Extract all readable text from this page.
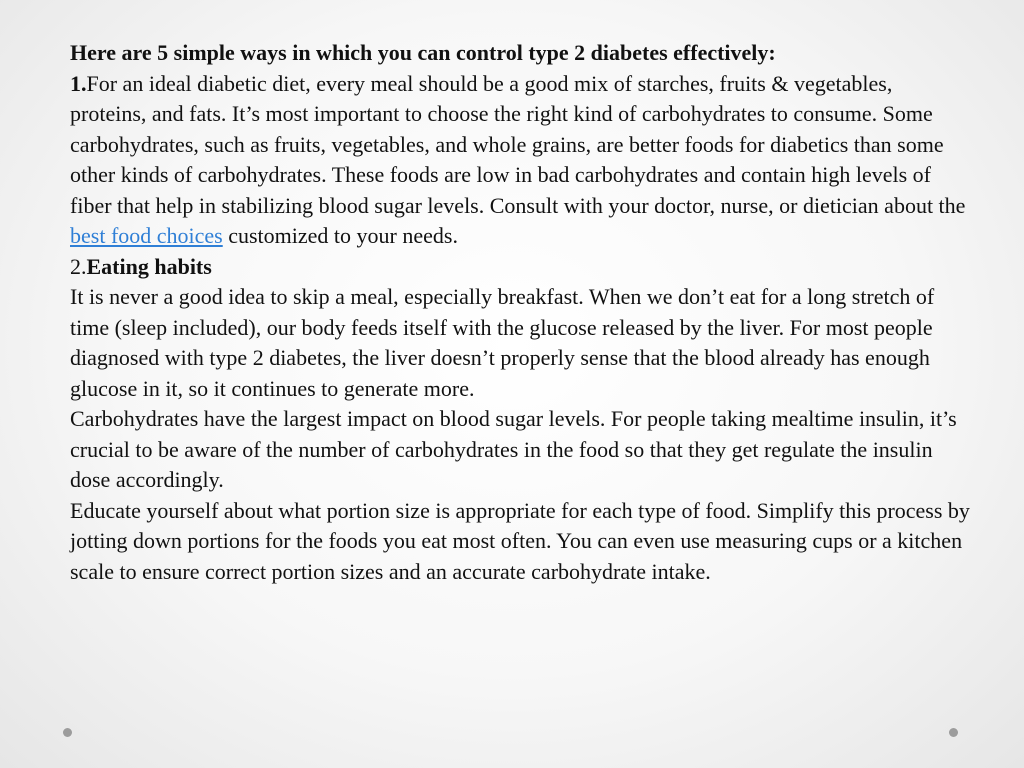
Here are 5 simple ways in which you can control type 2 diabetes effectively:

1.For an ideal diabetic diet, every meal should be a good mix of starches, fruits & vegetables, proteins, and fats. It’s most important to choose the right kind of carbohydrates to consume. Some carbohydrates, such as fruits, vegetables, and whole grains, are better foods for diabetics than some other kinds of carbohydrates. These foods are low in bad carbohydrates and contain high levels of fiber that help in stabilizing blood sugar levels. Consult with your doctor, nurse, or dietician about the best food choices customized to your needs.

2.Eating habits

It is never a good idea to skip a meal, especially breakfast. When we don’t eat for a long stretch of time (sleep included), our body feeds itself with the glucose released by the liver. For most people diagnosed with type 2 diabetes, the liver doesn’t properly sense that the blood already has enough glucose in it, so it continues to generate more.

Carbohydrates have the largest impact on blood sugar levels. For people taking mealtime insulin, it’s crucial to be aware of the number of carbohydrates in the food so that they get regulate the insulin dose accordingly.

Educate yourself about what portion size is appropriate for each type of food. Simplify this process by jotting down portions for the foods you eat most often. You can even use measuring cups or a kitchen scale to ensure correct portion sizes and an accurate carbohydrate intake.
